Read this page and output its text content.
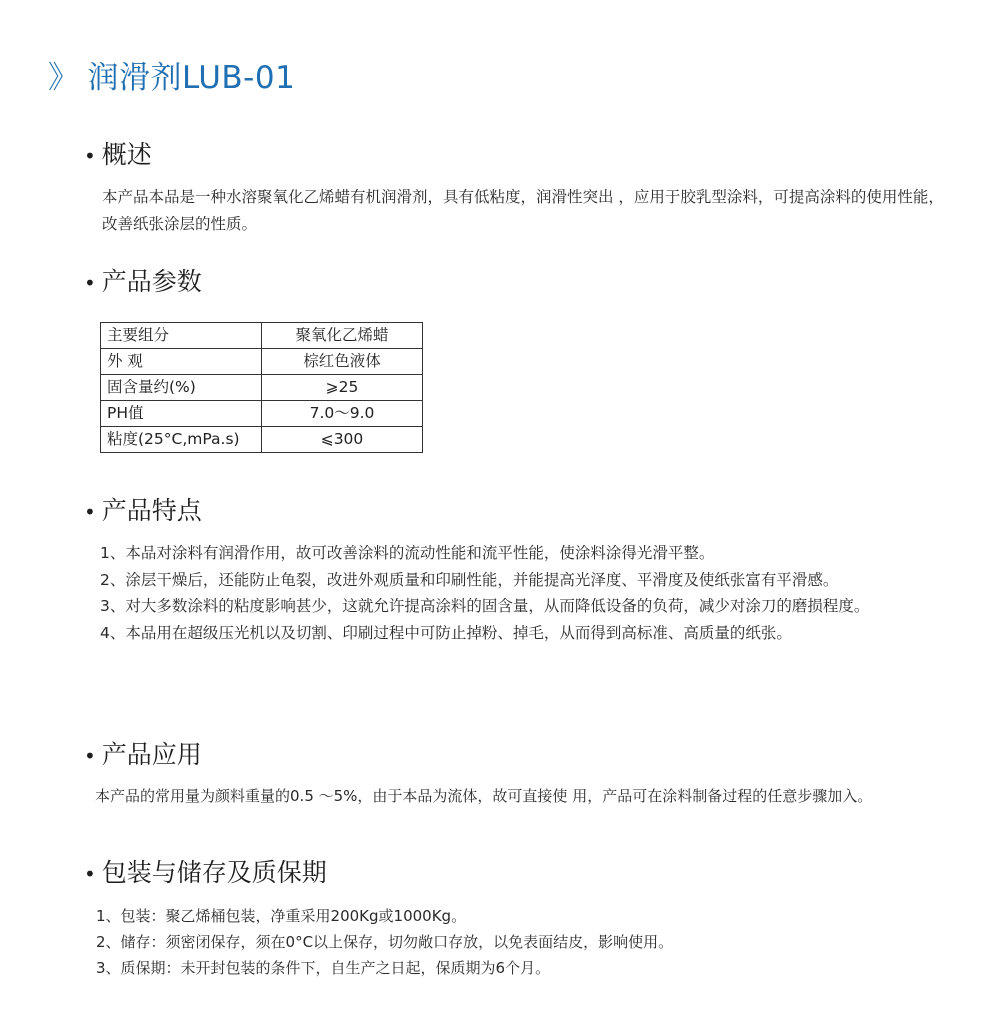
》 润滑剂LUB-01
• 概述

本产品本品是一种水溶聚氧化乙烯蜡有机润滑剂，具有低粘度，润滑性突出 ，应用于胶乳型涂料，可提高涂料的使用性能，改善纸张涂层的性质。

• 产品参数
主要组分	聚氧化乙烯蜡
外 观	棕红色液体
固含量约(%)	⩾25
PH值	7.0～9.0
粘度(25°C,mPa.s)	⩽300
• 产品特点
1、本品对涂料有润滑作用，故可改善涂料的流动性能和流平性能，使涂料涂得光滑平整。
2、涂层干燥后，还能防止龟裂，改进外观质量和印刷性能，并能提高光泽度、平滑度及使纸张富有平滑感。
3、对大多数涂料的粘度影响甚少，这就允许提高涂料的固含量，从而降低设备的负荷，减少对涂刀的磨损程度。
4、本品用在超级压光机以及切割、印刷过程中可防止掉粉、掉毛，从而得到高标准、高质量的纸张。
• 产品应用

本产品的常用量为颜料重量的0.5 ～5%，由于本品为流体，故可直接使 用，产品可在涂料制备过程的任意步骤加入。

• 包装与储存及质保期
1、包装：聚乙烯桶包装，净重采用200Kg或1000Kg。
2、储存：须密闭保存，须在0°C以上保存，切勿敞口存放，以免表面结皮，影响使用。
3、质保期：未开封包装的条件下，自生产之日起，保质期为6个月。
